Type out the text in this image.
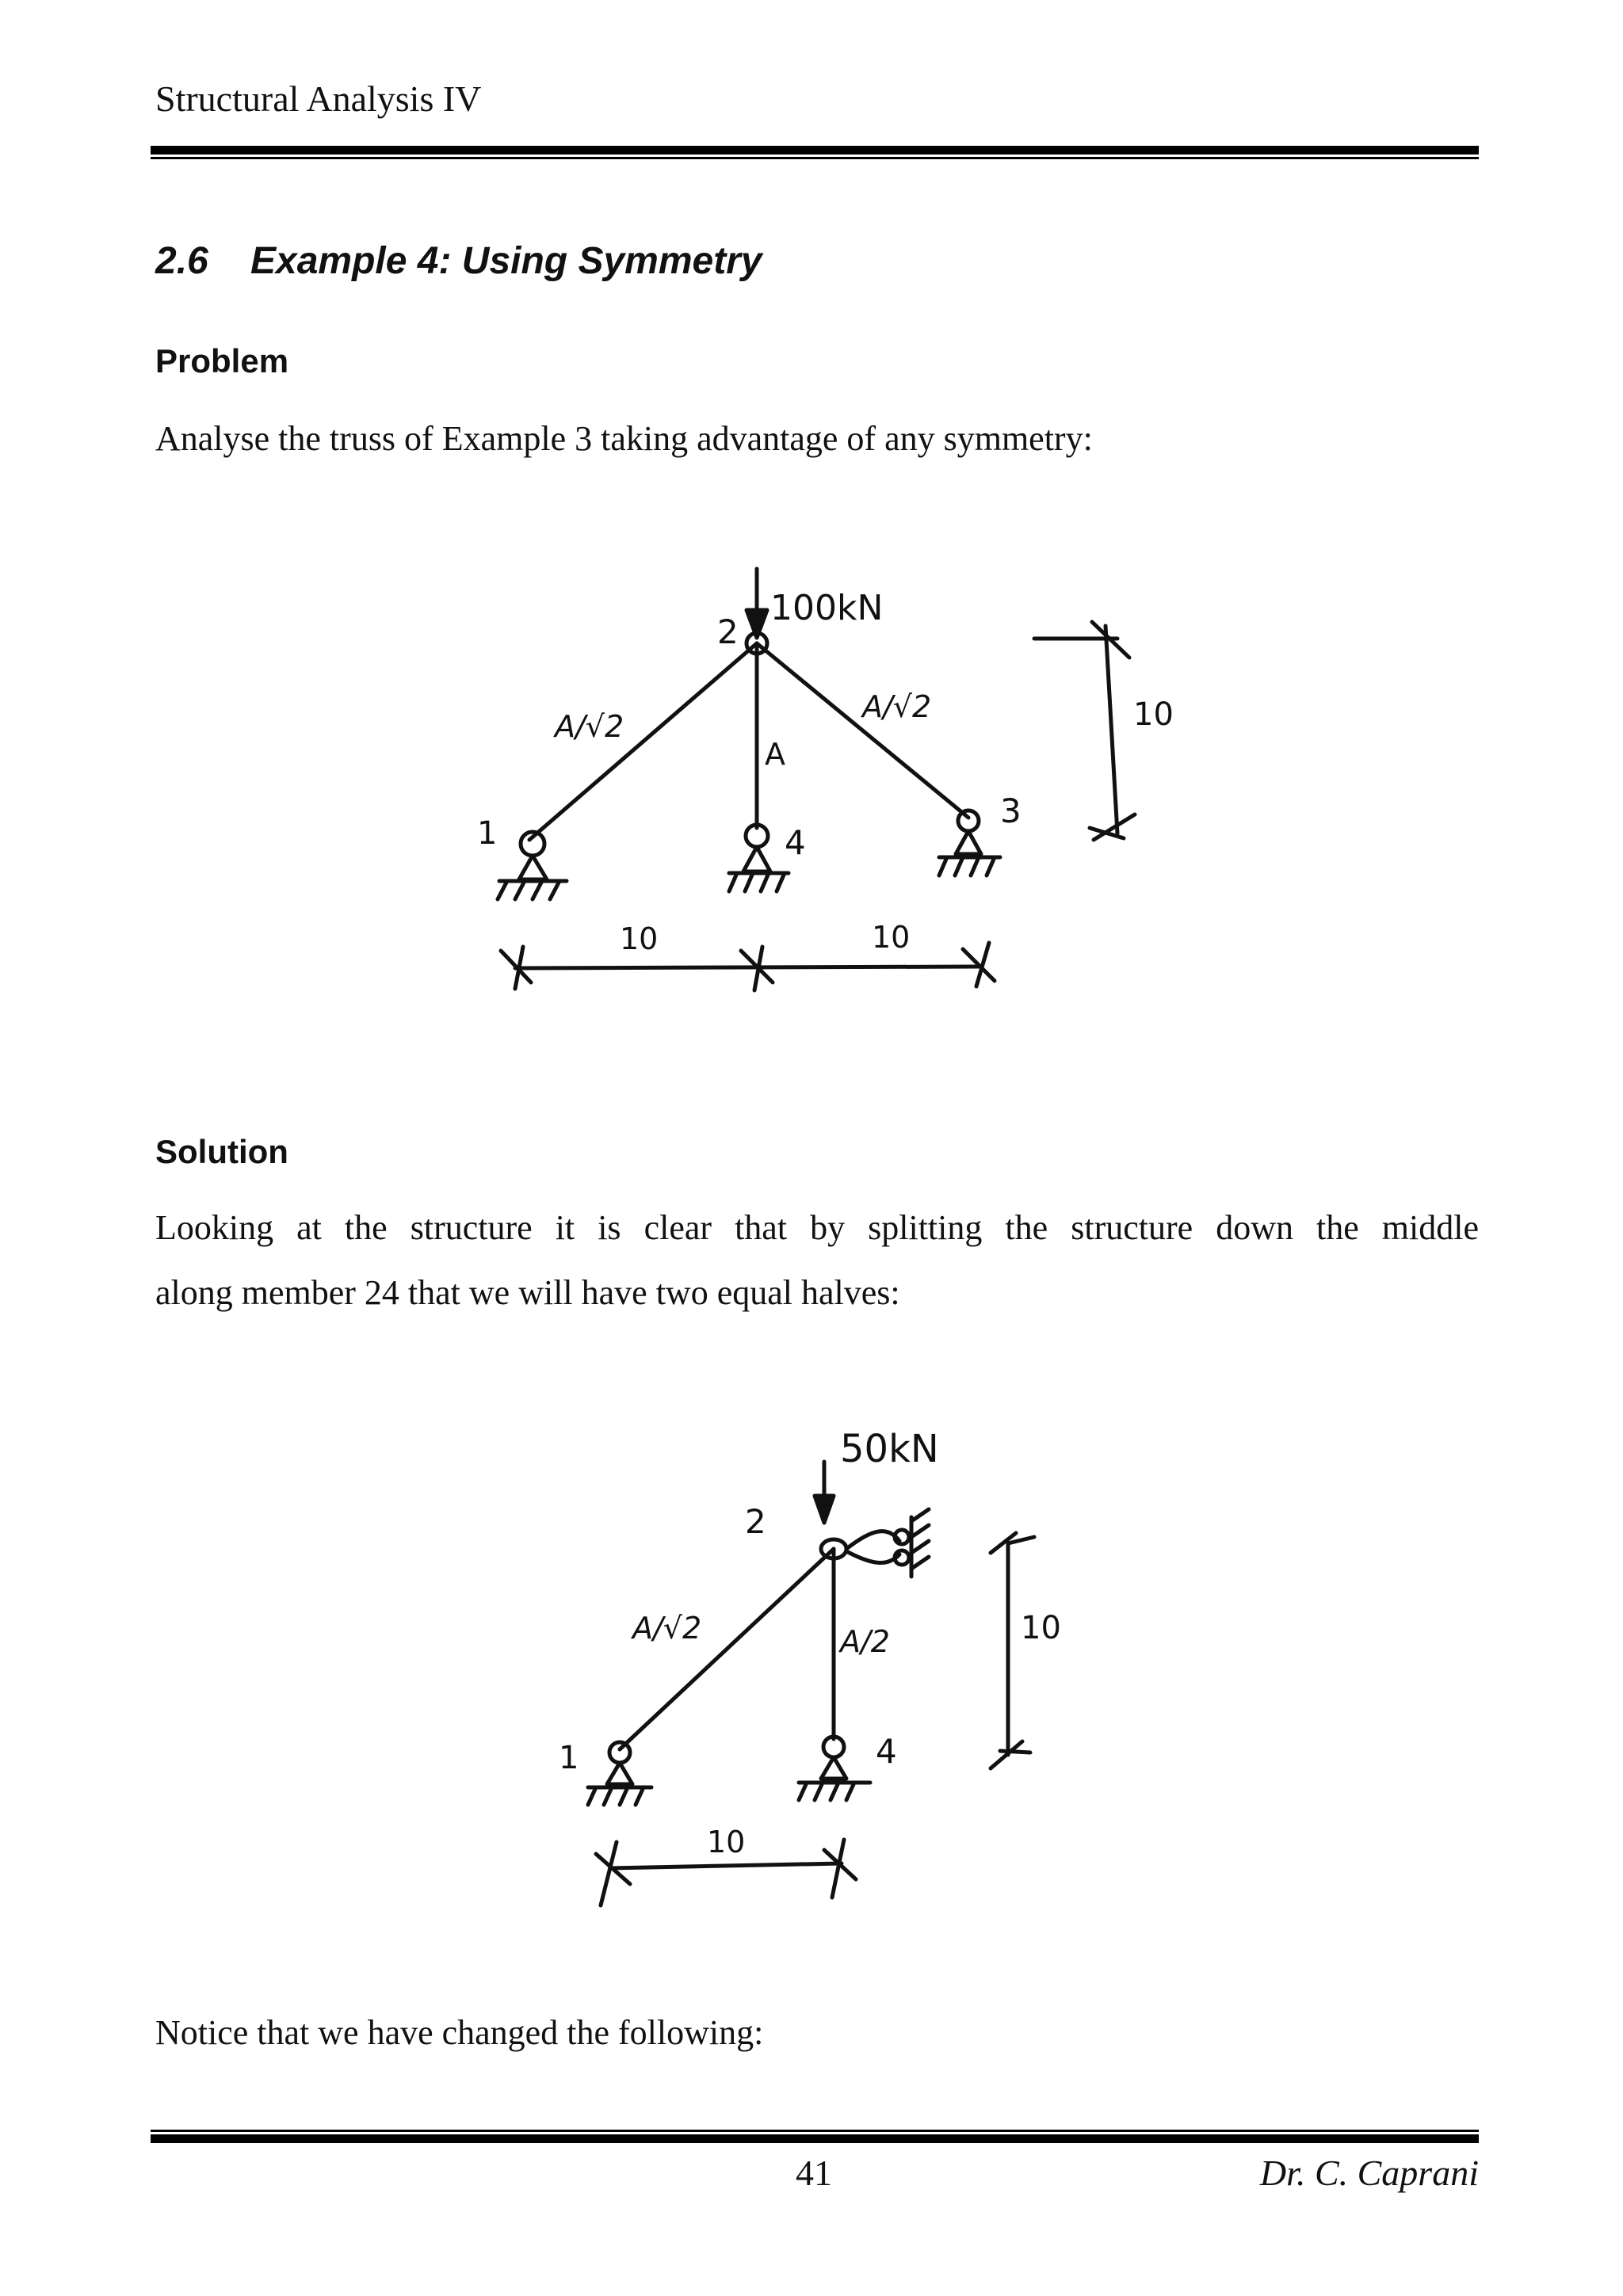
Structural Analysis IV
2.6 Example 4: Using Symmetry
Problem
Analyse the truss of Example 3 taking advantage of any symmetry:
2
100kN
A/√2
A/√2
A
1	4
3
10	10
10
Solution
Looking at the structure it is clear that by splitting the structure down the middle
along member 24 that we will have two equal halves:
50kN
2
A/√2	A/2
1	4
10
10
Notice that we have changed the following:
41	Dr. C. Caprani
